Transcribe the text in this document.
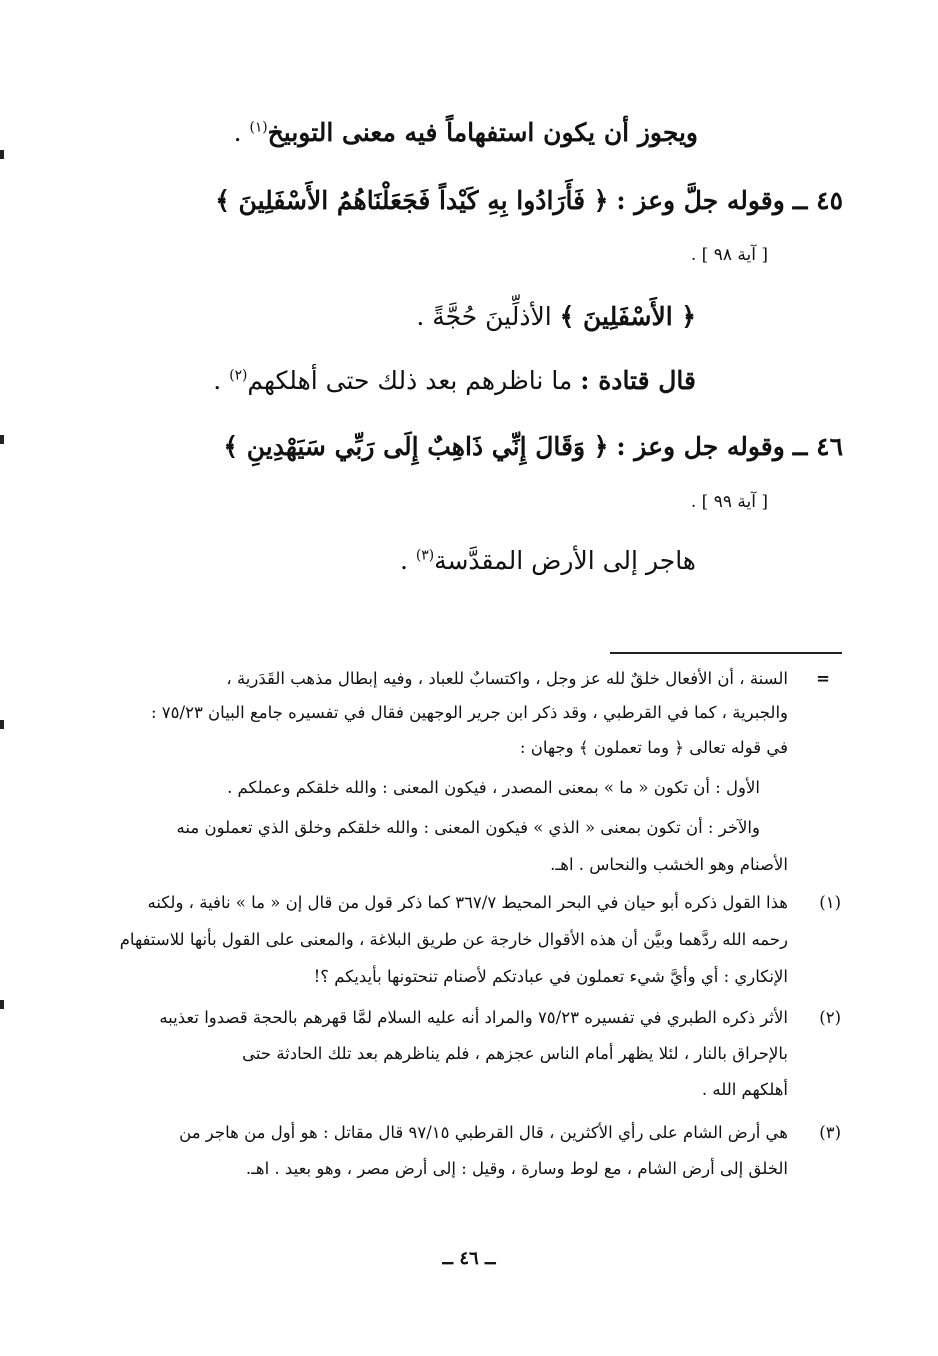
ويجوز أن يكون استفهاماً فيه معنى التوبيخ$^{(١)}$ .
٤٥ ــ وقوله جلَّ وعز : ﴿ فَأَرَادُوا بِهِ كَيْداً فَجَعَلْنَاهُمُ الأَسْفَلِينَ ﴾
[ آية ٩٨ ] .
﴿ الأَسْفَلِينَ ﴾ الأذلِّينَ حُجَّةً .
قال قتادة : ما ناظرهم بعد ذلك حتى أهلكهم$^{(٢)}$ .
٤٦ ــ وقوله جل وعز : ﴿ وَقَالَ إِنِّي ذَاهِبٌ إِلَى رَبِّي سَيَهْدِينِ ﴾
[ آية ٩٩ ] .
هاجر إلى الأرض المقدَّسة$^{(٣)}$ .
=
السنة ، أن الأفعال خلقٌ لله عز وجل ، واكتسابٌ للعباد ، وفيه إبطال مذهب القَدَرية ،
والجبرية ، كما في القرطبي ، وقد ذكر ابن جرير الوجهين فقال في تفسيره جامع البيان ٧٥/٢٣ :
في قوله تعالى ﴿ وما تعملون ﴾ وجهان :
الأول : أن تكون « ما » بمعنى المصدر ، فيكون المعنى : والله خلقكم وعملكم .
والآخر : أن تكون بمعنى « الذي » فيكون المعنى : والله خلقكم وخلق الذي تعملون منه
الأصنام وهو الخشب والنحاس . اهـ.
(١)
هذا القول ذكره أبو حيان في البحر المحيط ٣٦٧/٧ كما ذكر قول من قال إن « ما » نافية ، ولكنه
رحمه الله ردَّهما وبيَّن أن هذه الأقوال خارجة عن طريق البلاغة ، والمعنى على القول بأنها للاستفهام
الإنكاري : أي وأيَّ شيء تعملون في عبادتكم لأصنام تنحتونها بأيديكم ؟!
(٢)
الأثر ذكره الطبري في تفسيره ٧٥/٢٣ والمراد أنه عليه السلام لمَّا قهرهم بالحجة قصدوا تعذيبه
بالإحراق بالنار ، لئلا يظهر أمام الناس عجزهم ، فلم يناظرهم بعد تلك الحادثة حتى
أهلكهم الله .
(٣)
هي أرض الشام على رأي الأكثرين ، قال القرطبي ٩٧/١٥ قال مقاتل : هو أول من هاجر من
الخلق إلى أرض الشام ، مع لوط وسارة ، وقيل : إلى أرض مصر ، وهو بعيد . اهـ.
ــ ٤٦ ــ
